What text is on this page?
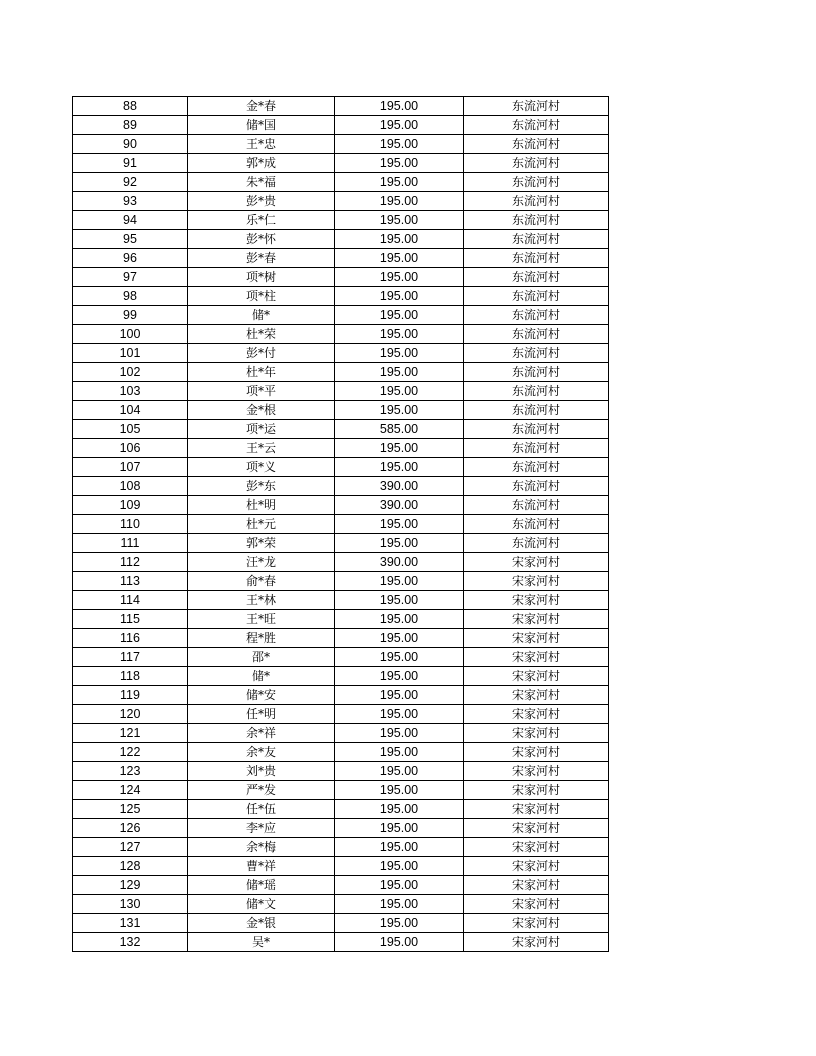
88	金*春	195.00	东流河村
89	储*国	195.00	东流河村
90	王*忠	195.00	东流河村
91	郭*成	195.00	东流河村
92	朱*福	195.00	东流河村
93	彭*贵	195.00	东流河村
94	乐*仁	195.00	东流河村
95	彭*怀	195.00	东流河村
96	彭*春	195.00	东流河村
97	项*树	195.00	东流河村
98	项*柱	195.00	东流河村
99	储*	195.00	东流河村
100	杜*荣	195.00	东流河村
101	彭*付	195.00	东流河村
102	杜*年	195.00	东流河村
103	项*平	195.00	东流河村
104	金*根	195.00	东流河村
105	项*运	585.00	东流河村
106	王*云	195.00	东流河村
107	项*义	195.00	东流河村
108	彭*东	390.00	东流河村
109	杜*明	390.00	东流河村
110	杜*元	195.00	东流河村
111	郭*荣	195.00	东流河村
112	汪*龙	390.00	宋家河村
113	俞*春	195.00	宋家河村
114	王*林	195.00	宋家河村
115	王*旺	195.00	宋家河村
116	程*胜	195.00	宋家河村
117	邵*	195.00	宋家河村
118	储*	195.00	宋家河村
119	储*安	195.00	宋家河村
120	任*明	195.00	宋家河村
121	余*祥	195.00	宋家河村
122	余*友	195.00	宋家河村
123	刘*贵	195.00	宋家河村
124	严*发	195.00	宋家河村
125	任*伍	195.00	宋家河村
126	李*应	195.00	宋家河村
127	余*梅	195.00	宋家河村
128	曹*祥	195.00	宋家河村
129	储*瑶	195.00	宋家河村
130	储*文	195.00	宋家河村
131	金*银	195.00	宋家河村
132	吴*	195.00	宋家河村
